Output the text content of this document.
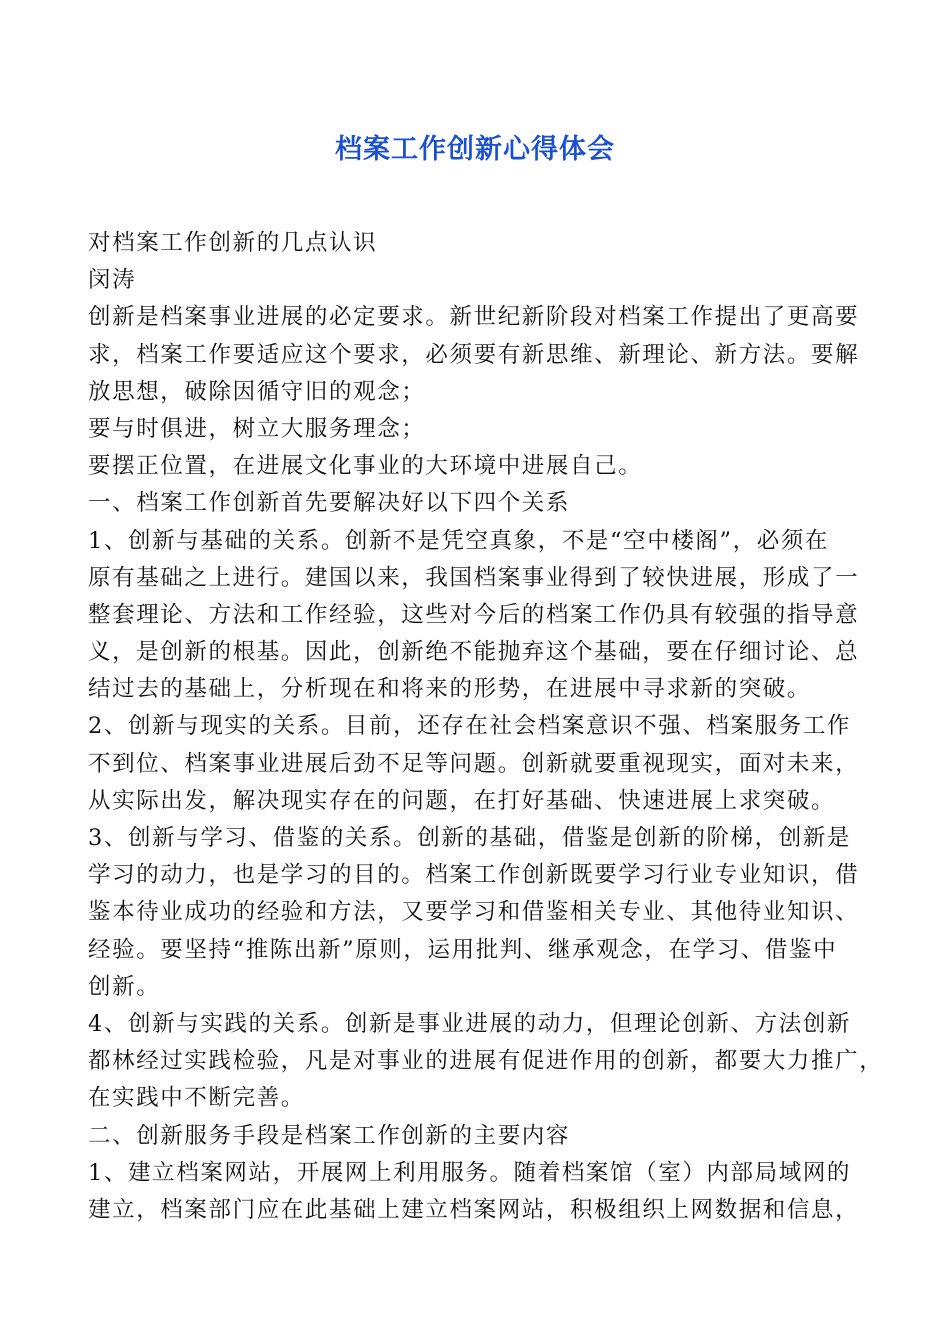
档案工作创新心得体会
对档案工作创新的几点认识
闵涛
创新是档案事业进展的必定要求。新世纪新阶段对档案工作提出了更高要
求，档案工作要适应这个要求，必须要有新思维、新理论、新方法。要解
放思想，破除因循守旧的观念；
要与时俱进，树立大服务理念；
要摆正位置，在进展文化事业的大环境中进展自己。
一、档案工作创新首先要解决好以下四个关系
1、创新与基础的关系。创新不是凭空真象，不是“空中楼阁”，必须在
原有基础之上进行。建国以来，我国档案事业得到了较快进展，形成了一
整套理论、方法和工作经验，这些对今后的档案工作仍具有较强的指导意
义，是创新的根基。因此，创新绝不能抛弃这个基础，要在仔细讨论、总
结过去的基础上，分析现在和将来的形势，在进展中寻求新的突破。
2、创新与现实的关系。目前，还存在社会档案意识不强、档案服务工作
不到位、档案事业进展后劲不足等问题。创新就要重视现实，面对未来，
从实际出发，解决现实存在的问题，在打好基础、快速进展上求突破。
3、创新与学习、借鉴的关系。创新的基础，借鉴是创新的阶梯，创新是
学习的动力，也是学习的目的。档案工作创新既要学习行业专业知识，借
鉴本待业成功的经验和方法，又要学习和借鉴相关专业、其他待业知识、
经验。要坚持“推陈出新”原则，运用批判、继承观念，在学习、借鉴中
创新。
4、创新与实践的关系。创新是事业进展的动力，但理论创新、方法创新
都林经过实践检验，凡是对事业的进展有促进作用的创新，都要大力推广，
在实践中不断完善。
二、创新服务手段是档案工作创新的主要内容
1、建立档案网站，开展网上利用服务。随着档案馆（室）内部局域网的
建立，档案部门应在此基础上建立档案网站，积极组织上网数据和信息，
